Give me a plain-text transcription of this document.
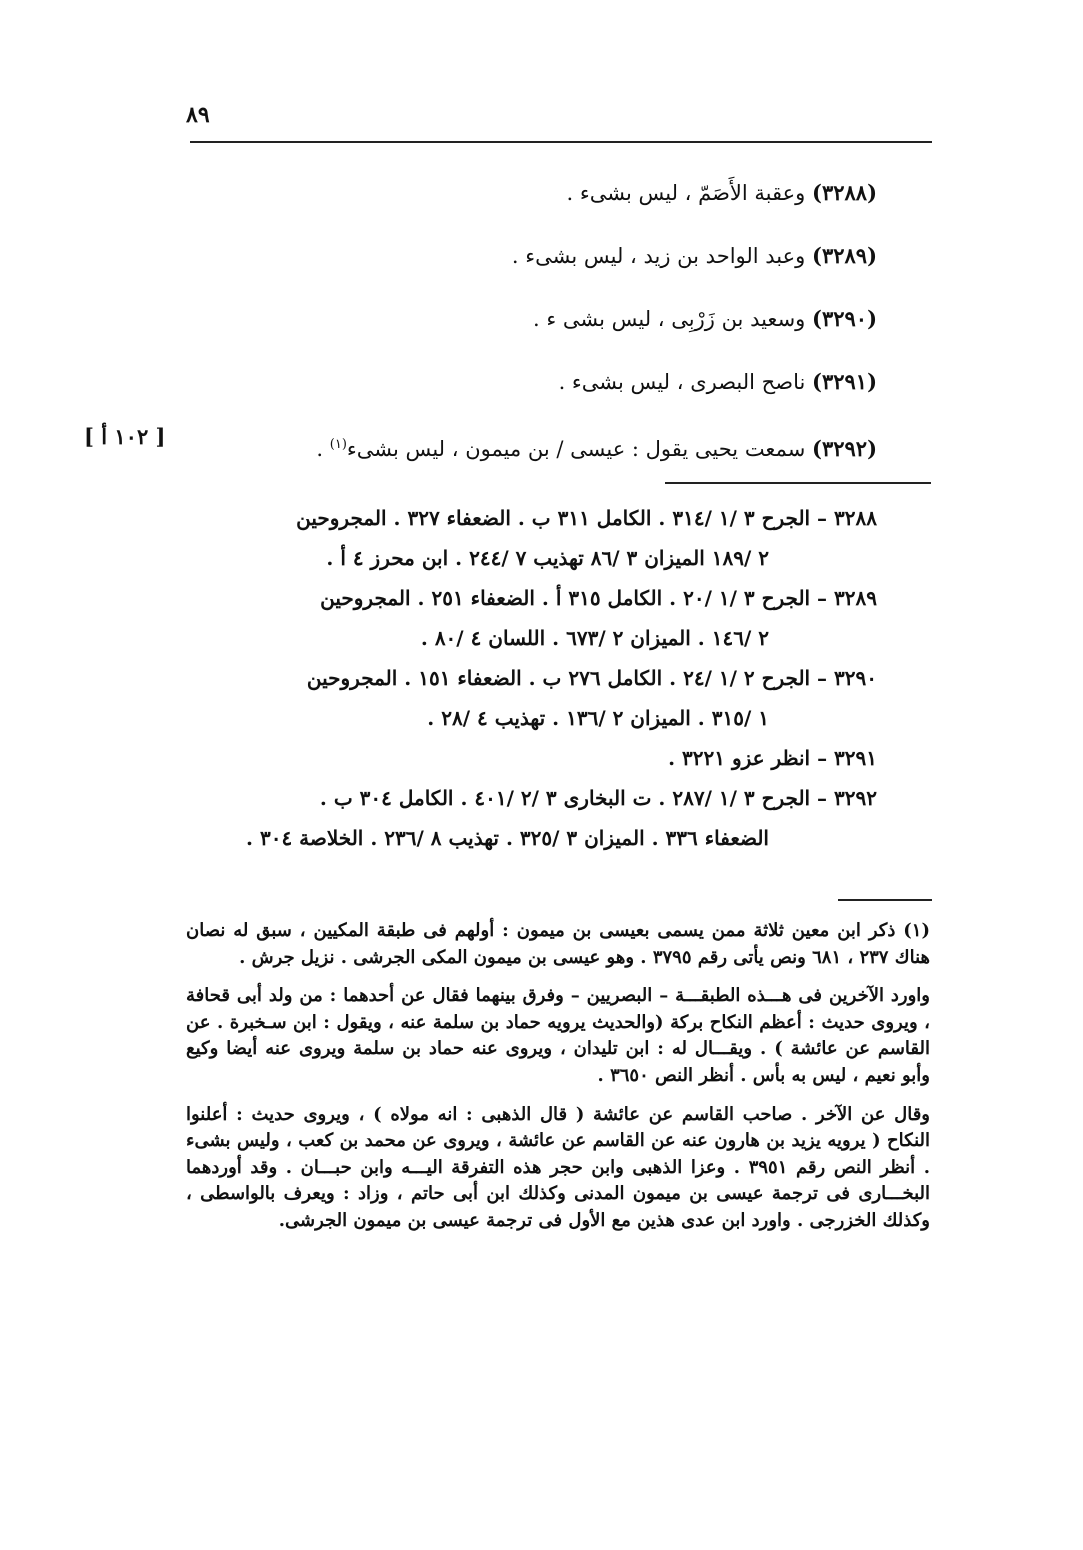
٨٩
(٣٢٨٨) وعقبة الأَصَمّ ، ليس بشىء .
(٣٢٨٩) وعبد الواحد بن زيد ، ليس بشىء .
(٣٢٩٠) وسعيد بن زَرْبِى ، ليس بشى ء .
(٣٢٩١) ناصح البصرى ، ليس بشىء .
(٣٢٩٢) سمعت يحيى يقول : عيسى / بن ميمون ، ليس بشىء$^{(١)}$ .
[ ١٠٢ أ ]
٣٢٨٨ – الجرح ٣ /١ /٣١٤ . الكامل ٣١١ ب . الضعفاء ٣٢٧ . المجروحين
٢ /١٨٩ الميزان ٣ /٨٦ تهذيب ٧ /٢٤٤ . ابن محرز ٤ أ .
٣٢٨٩ – الجرح ٣ /١ /٢٠ . الكامل ٣١٥ أ . الضعفاء ٢٥١ . المجروحين
٢ /١٤٦ . الميزان ٢ /٦٧٣ . اللسان ٤ /٨٠ .
٣٢٩٠ – الجرح ٢ /١ /٢٤ . الكامل ٢٧٦ ب . الضعفاء ١٥١ . المجروحين
١ /٣١٥ . الميزان ٢ /١٣٦ . تهذيب ٤ /٢٨ .
٣٢٩١ – انظر عزو ٣٢٢١ .
٣٢٩٢ – الجرح ٣ /١ /٢٨٧ . ت البخارى ٣ /٢ /٤٠١ . الكامل ٣٠٤ ب .
الضعفاء ٣٣٦ . الميزان ٣ /٣٢٥ . تهذيب ٨ /٢٣٦ . الخلاصة ٣٠٤ .

(١) ذكر ابن معين ثلاثة ممن يسمى بعيسى بن ميمون : أولهم فى طبقة المكيين ، سبق له نصان هناك ٢٣٧ ، ٦٨١ ونص يأتى رقم ٣٧٩٥ . وهو عيسى بن ميمون المكى الجرشى . نزيل جرش .

واورد الآخرين فى هـــذه الطبقـــة – البصريين – وفرق بينهما فقال عن أحدهما : من ولد أبى قحافة ، ويروى حديث : أعظم النكاح بركة (والحديث يرويه حماد بن سلمة عنه ، ويقول : ابن سـخبرة . عن القاسم عن عائشة ) . ويقـــال له : ابن تليدان ، ويروى عنه حماد بن سلمة ويروى عنه أيضا وكيع وأبو نعيم ، ليس به بأس . أنظر النص ٣٦٥٠ .

وقال عن الآخر . صاحب القاسم عن عائشة ( قال الذهبى : انه مولاه ) ، ويروى حديث : أعلنوا النكاح ( يرويه يزيد بن هارون عنه عن القاسم عن عائشة ، ويروى عن محمد بن كعب ، وليس بشىء . أنظر النص رقم ٣٩٥١ . وعزا الذهبى وابن حجر هذه التفرقة اليـــه وابن حبـــان . وقد أوردهما البخـــارى فى ترجمة عيسى بن ميمون المدنى وكذلك ابن أبى حاتم ، وزاد : ويعرف بالواسطى ، وكذلك الخزرجى . واورد ابن عدى هذين مع الأول فى ترجمة عيسى بن ميمون الجرشى.
